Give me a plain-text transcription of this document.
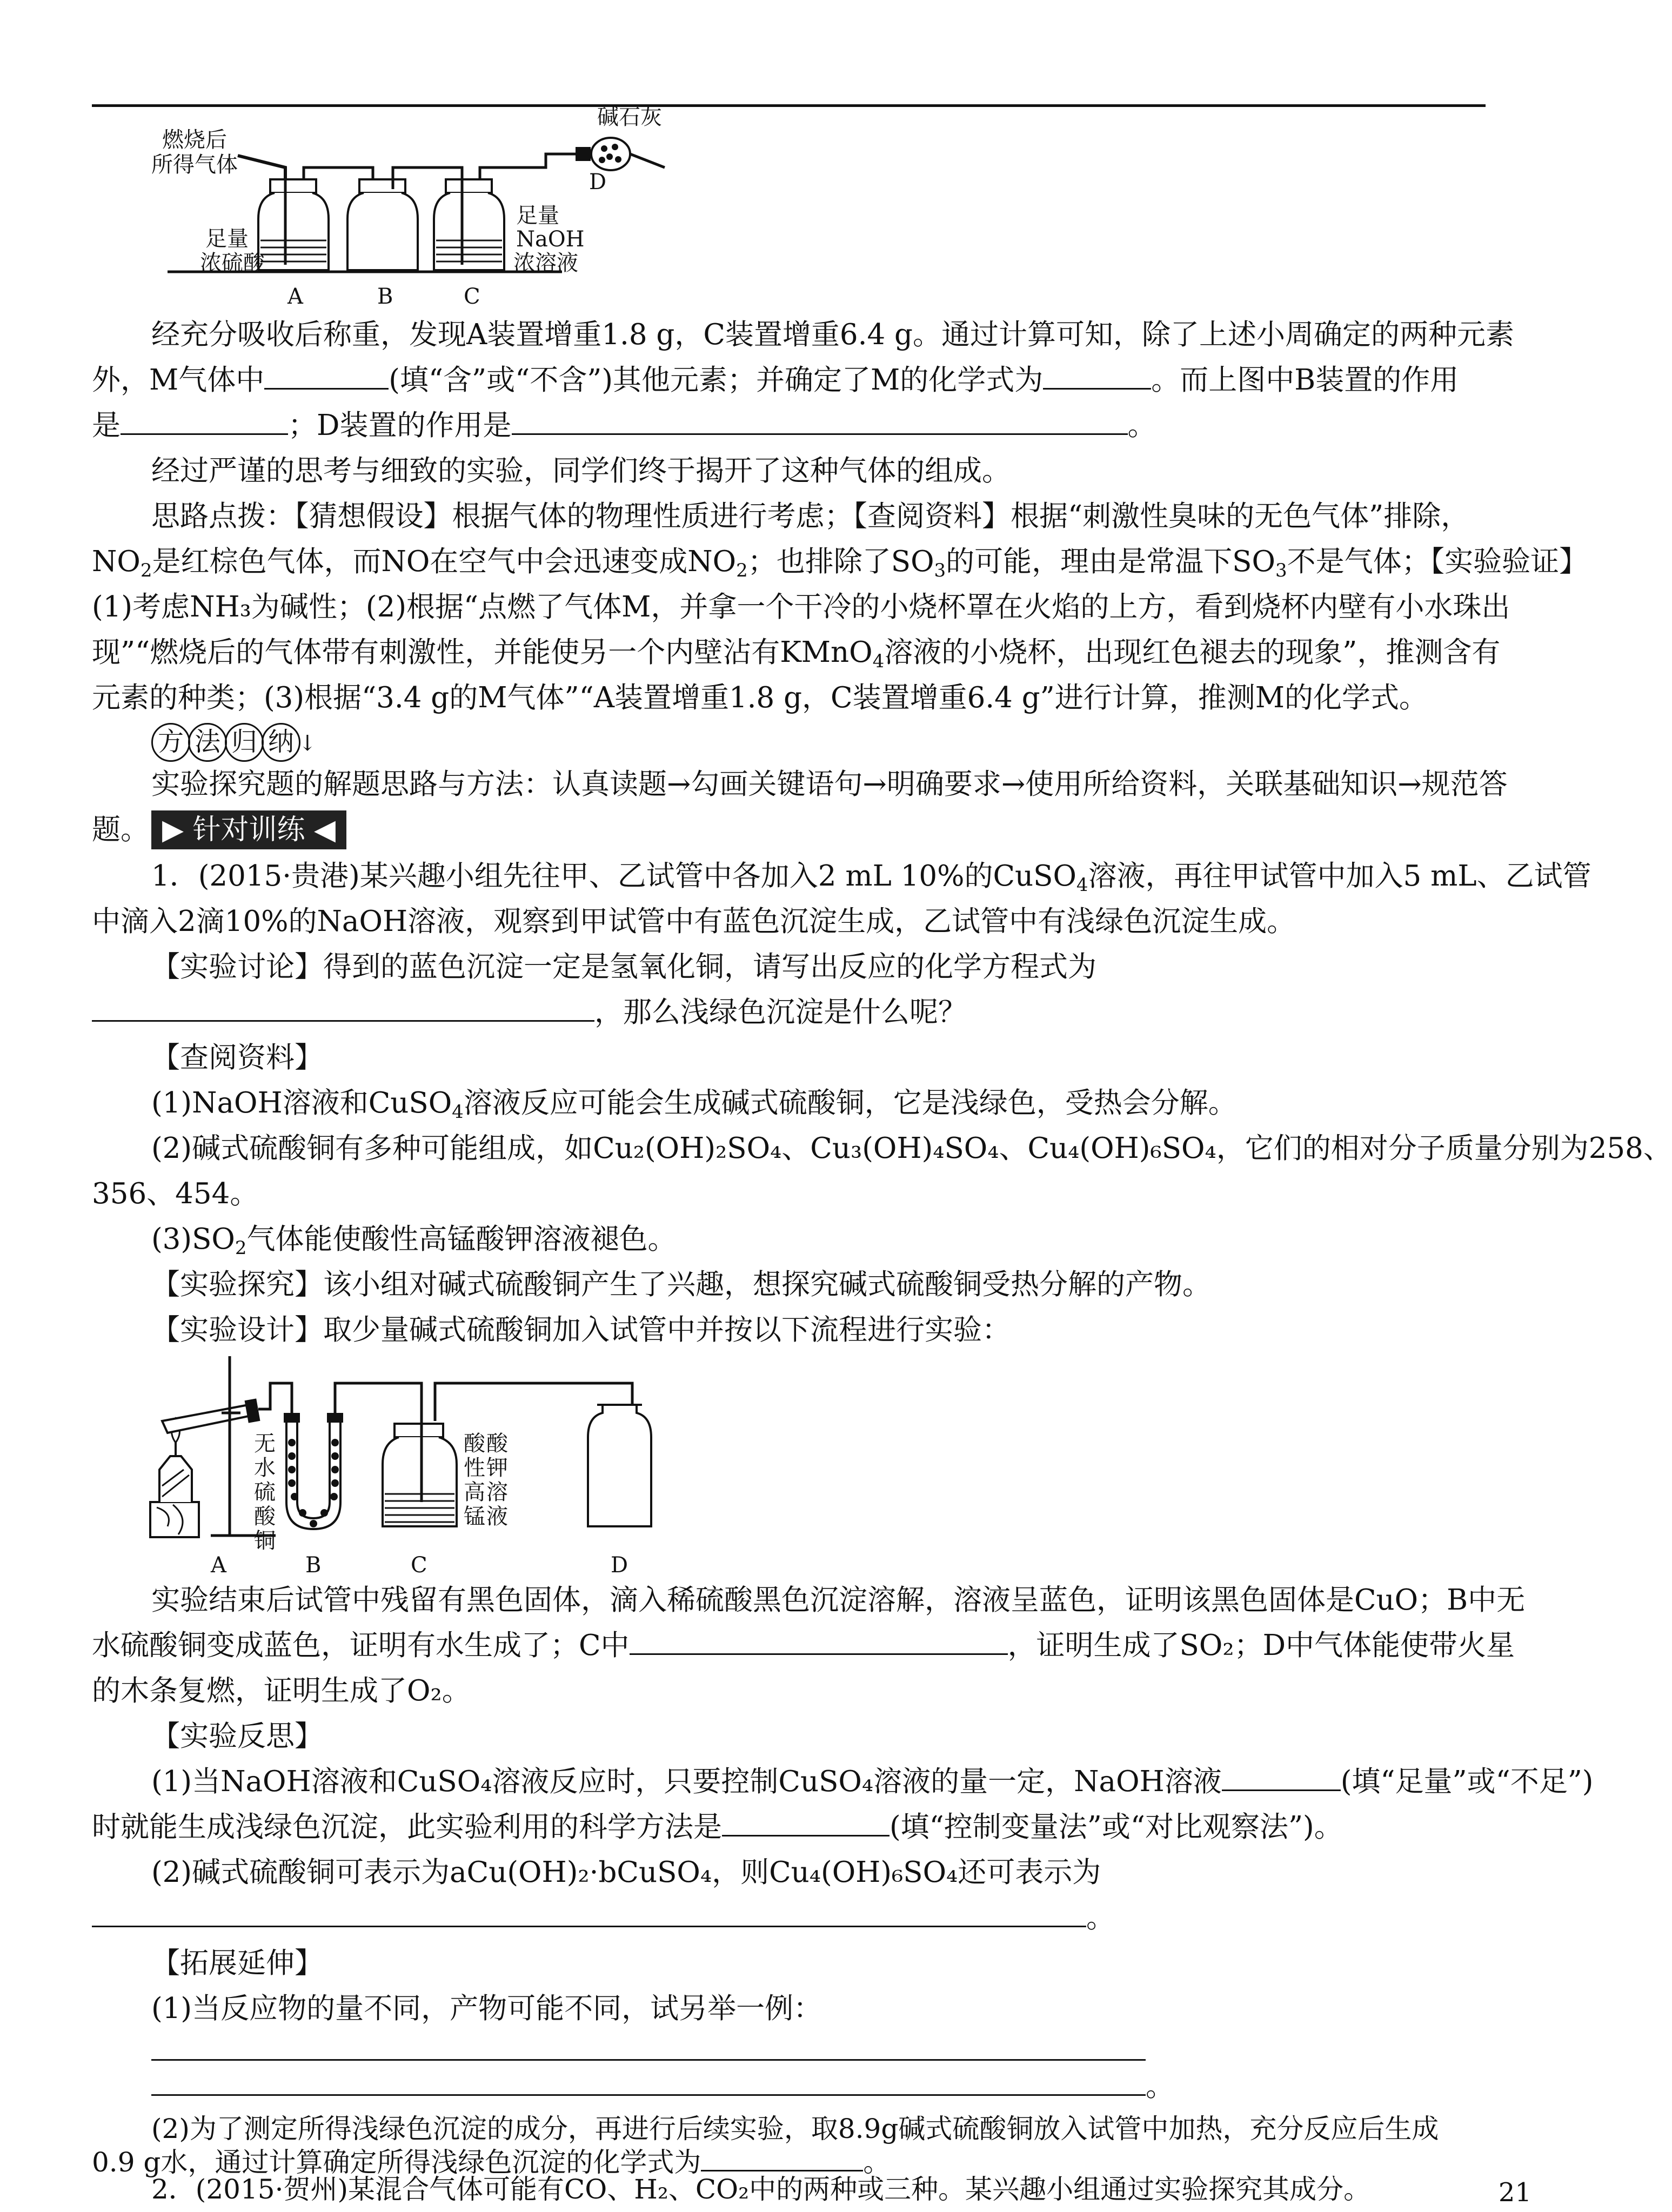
燃烧后
所得气体
碱石灰
D
足量
浓硫酸
足量
NaOH
浓溶液
A	B	C
经充分吸收后称重，发现A装置增重1.8 g，C装置增重6.4 g。通过计算可知，除了上述小周确定的两种元素
外，M气体中	(填“含”或“不含”)其他元素；并确定了M的化学式为	。而上图中B装置的作用
是	；D装置的作用是	。
经过严谨的思考与细致的实验，同学们终于揭开了这种气体的组成。
思路点拨：【猜想假设】根据气体的物理性质进行考虑；【查阅资料】根据“刺激性臭味的无色气体”排除，
$NO_2$是红棕色气体，而NO在空气中会迅速变成$NO_2$；也排除了$SO_3$的可能，理由是常温下$SO_3$不是气体；【实验验证】
(1)考虑NH₃为碱性；(2)根据“点燃了气体M，并拿一个干冷的小烧杯罩在火焰的上方，看到烧杯内壁有小水珠出
现”“燃烧后的气体带有刺激性，并能使另一个内壁沾有KMnO$_4$溶液的小烧杯，出现红色褪去的现象”，推测含有
元素的种类；(3)根据“3.4 g的M气体”“A装置增重1.8 g，C装置增重6.4 g”进行计算，推测M的化学式。
方 法 归 纳 ↓
实验探究题的解题思路与方法：认真读题→勾画关键语句→明确要求→使用所给资料，关联基础知识→规范答
题。 ▶ 针对训练 ◀
1．(2015·贵港)某兴趣小组先往甲、乙试管中各加入2 mL 10%的CuSO$_4$溶液，再往甲试管中加入5 mL、乙试管
中滴入2滴10%的NaOH溶液，观察到甲试管中有蓝色沉淀生成，乙试管中有浅绿色沉淀生成。
【实验讨论】得到的蓝色沉淀一定是氢氧化铜，请写出反应的化学方程式为
，那么浅绿色沉淀是什么呢？
【查阅资料】
(1)NaOH溶液和CuSO$_4$溶液反应可能会生成碱式硫酸铜，它是浅绿色，受热会分解。
(2)碱式硫酸铜有多种可能组成，如Cu₂(OH)₂SO₄、Cu₃(OH)₄SO₄、Cu₄(OH)₆SO₄，它们的相对分子质量分别为258、
356、454。
$(3)SO_2$气体能使酸性高锰酸钾溶液褪色。
【实验探究】该小组对碱式硫酸铜产生了兴趣，想探究碱式硫酸铜受热分解的产物。
【实验设计】取少量碱式硫酸铜加入试管中并按以下流程进行实验：
无
水
硫
酸
铜
酸
性
高
锰
酸
钾
溶
液
A	B	C	D
实验结束后试管中残留有黑色固体，滴入稀硫酸黑色沉淀溶解，溶液呈蓝色，证明该黑色固体是CuO；B中无
水硫酸铜变成蓝色，证明有水生成了；C中	，证明生成了SO₂；D中气体能使带火星
的木条复燃，证明生成了O₂。
【实验反思】
(1)当NaOH溶液和CuSO₄溶液反应时，只要控制CuSO₄溶液的量一定，NaOH溶液	(填“足量”或“不足”)
时就能生成浅绿色沉淀，此实验利用的科学方法是	(填“控制变量法”或“对比观察法”)。
(2)碱式硫酸铜可表示为aCu(OH)₂·bCuSO₄，则Cu₄(OH)₆SO₄还可表示为
。
【拓展延伸】
(1)当反应物的量不同，产物可能不同，试另举一例：
。
(2)为了测定所得浅绿色沉淀的成分，再进行后续实验，取8.9g碱式硫酸铜放入试管中加热，充分反应后生成
21
0.9 g水，通过计算确定所得浅绿色沉淀的化学式为	。
2．(2015·贺州)某混合气体可能有CO、H₂、CO₂中的两种或三种。某兴趣小组通过实验探究其成分。
